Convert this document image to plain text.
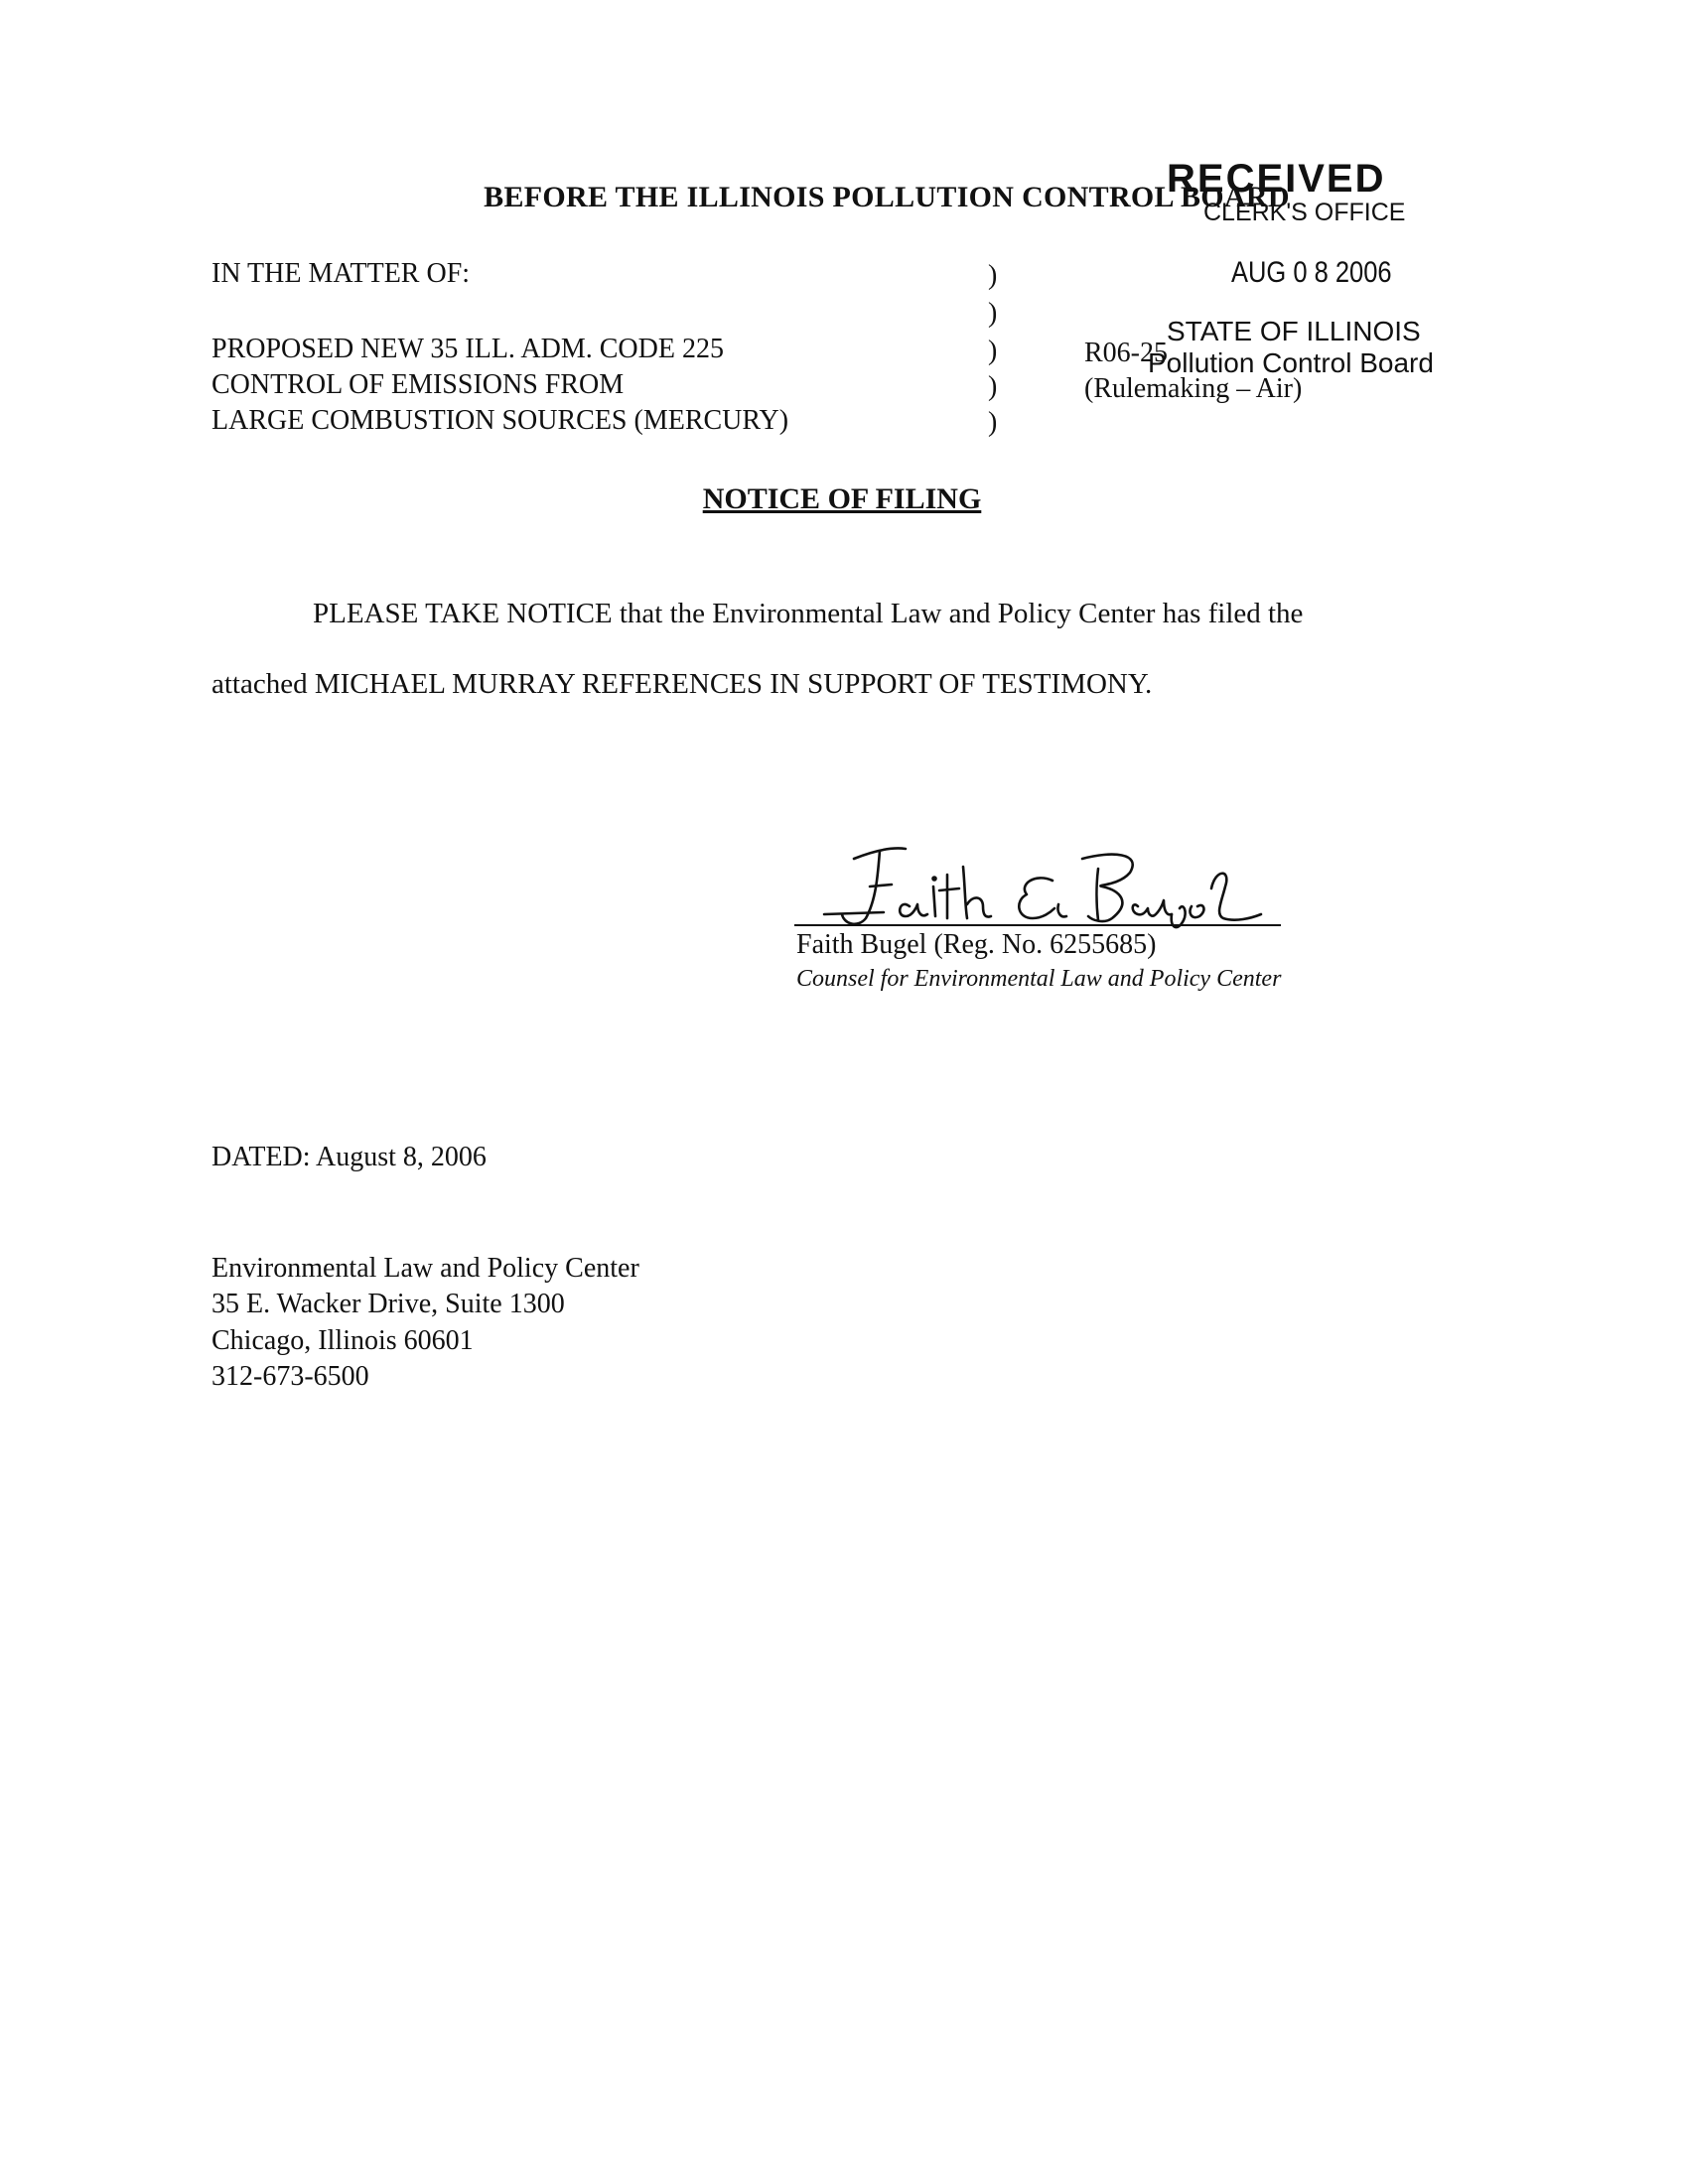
BEFORE THE ILLINOIS POLLUTION CONTROL BOARD
RECEIVED
CLERK'S OFFICE
AUG 0 8 2006
STATE OF ILLINOIS
Pollution Control Board
IN THE MATTER OF:
PROPOSED NEW 35 ILL. ADM. CODE 225
CONTROL OF EMISSIONS FROM
LARGE COMBUSTION SOURCES (MERCURY)
)
)
)
)
)
R06-25
(Rulemaking – Air)
NOTICE OF FILING
PLEASE TAKE NOTICE that the Environmental Law and Policy Center has filed the
attached MICHAEL MURRAY REFERENCES IN SUPPORT OF TESTIMONY.
Faith Bugel (Reg. No. 6255685)
Counsel for Environmental Law and Policy Center
DATED: August 8, 2006
Environmental Law and Policy Center
35 E. Wacker Drive, Suite 1300
Chicago, Illinois 60601
312-673-6500
